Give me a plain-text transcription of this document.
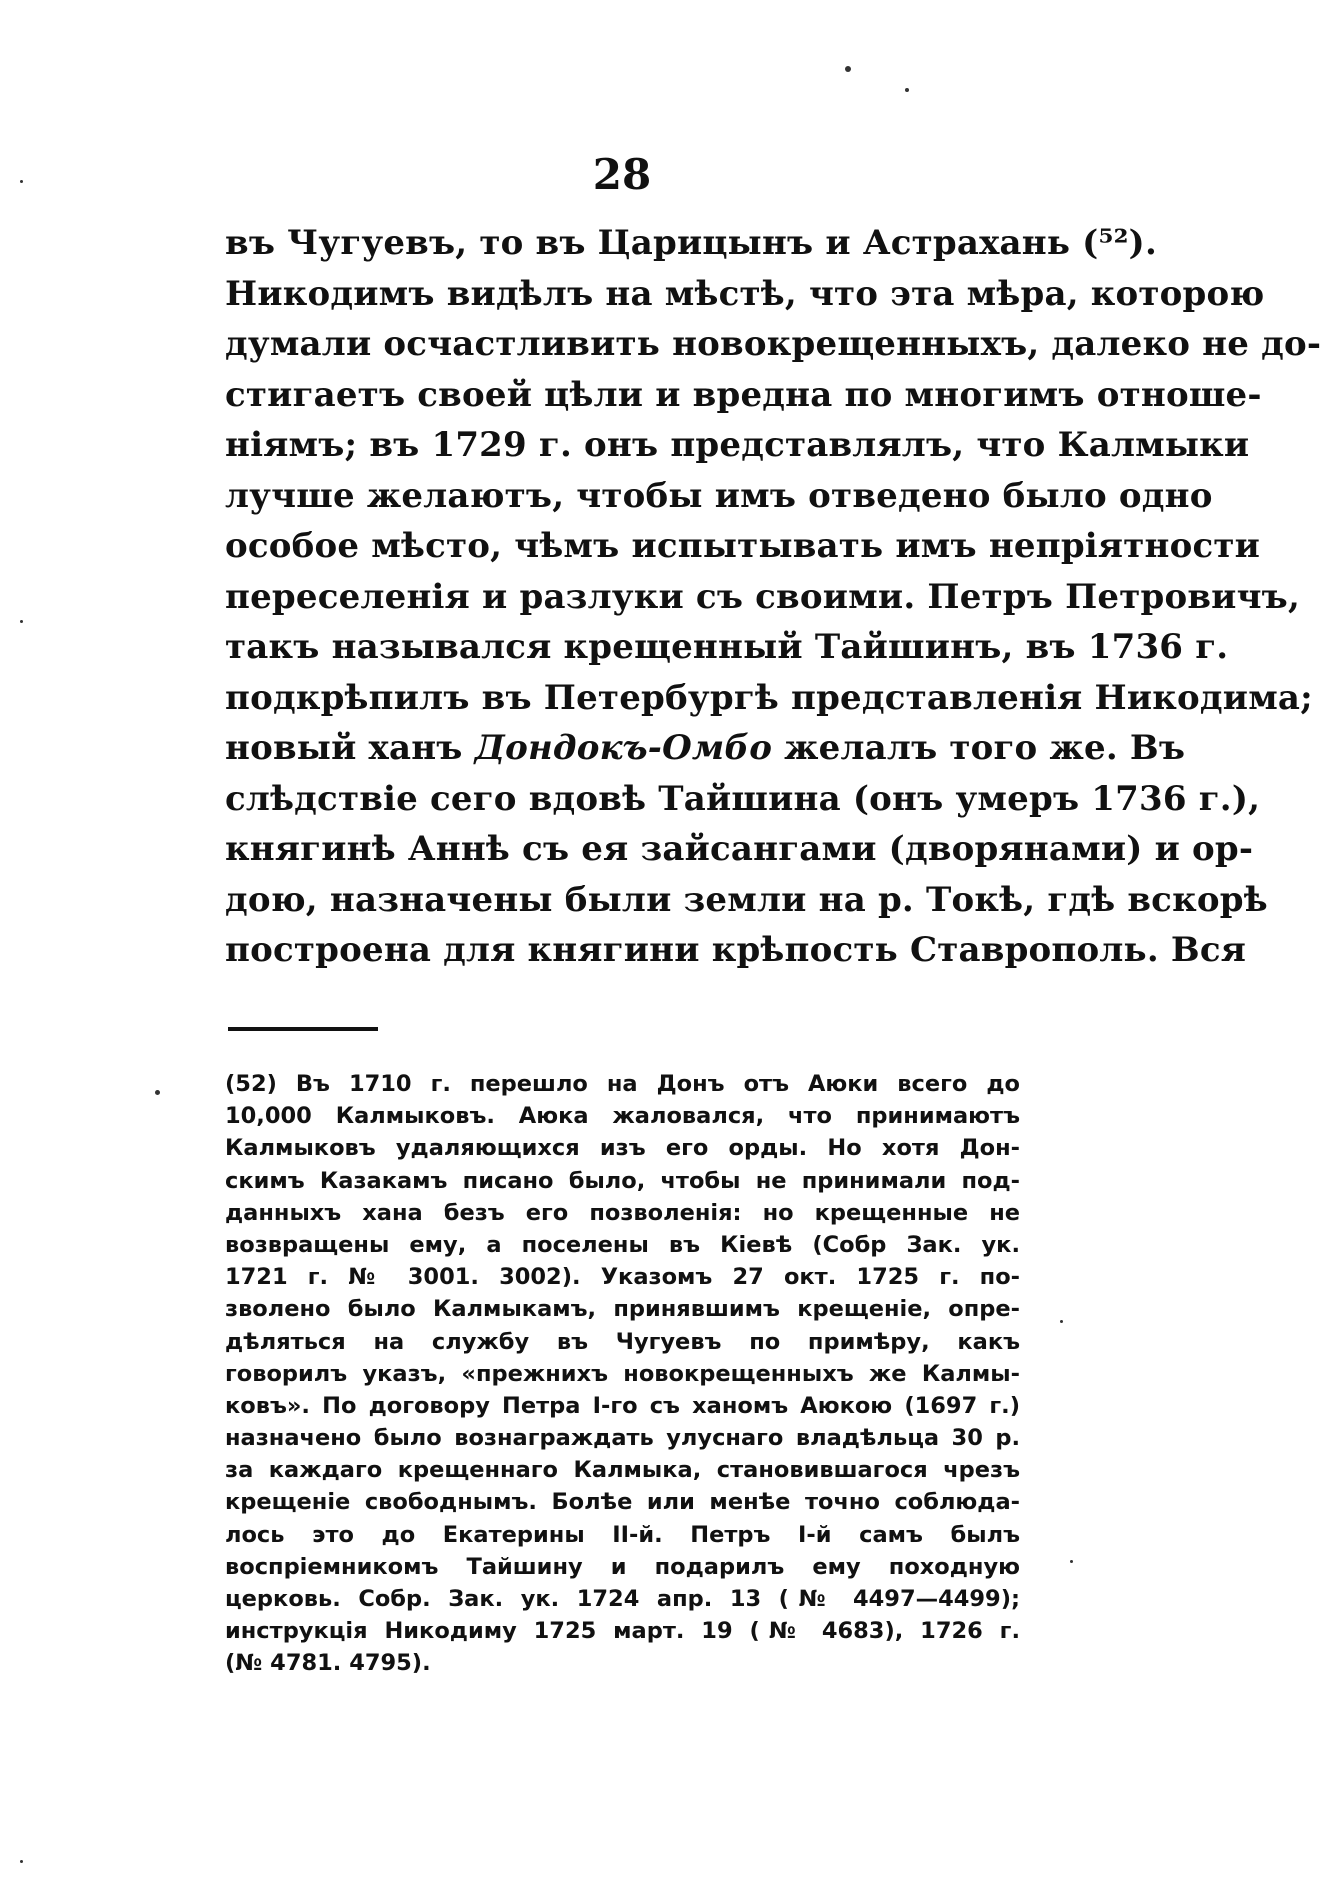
28
въ Чугуевъ, то въ Царицынъ и Астрахань (⁵²).
Никодимъ видѣлъ на мѣстѣ, что эта мѣра, которою
думали осчастливить новокрещенныхъ, далеко не до-
стигаетъ своей цѣли и вредна по многимъ отноше-
ніямъ; въ 1729 г. онъ представлялъ, что Калмыки
лучше желаютъ, чтобы имъ отведено было одно
особое мѣсто, чѣмъ испытывать имъ непріятности
переселенія и разлуки съ своими. Петръ Петровичъ,
такъ назывался крещенный Тайшинъ, въ 1736 г.
подкрѣпилъ въ Петербургѣ представленія Никодима;
новый ханъ Дондокъ-Омбо желалъ того же. Въ
слѣдствіе сего вдовѣ Тайшина (онъ умеръ 1736 г.),
княгинѣ Аннѣ съ ея зайсангами (дворянами) и ор-
дою, назначены были земли на р. Токѣ, гдѣ вскорѣ
построена для княгини крѣпость Ставрополь. Вся
(52) Въ 1710 г. перешло на Донъ отъ Аюки всего до
10,000 Калмыковъ. Аюка жаловался, что принимаютъ
Калмыковъ удаляющихся изъ его орды. Но хотя Дон-
скимъ Казакамъ писано было, чтобы не принимали под-
данныхъ хана безъ его позволенія: но крещенные не
возвращены ему, а поселены въ Кіевѣ (Собр Зак. ук.
1721 г. № 3001. 3002). Указомъ 27 окт. 1725 г. по-
зволено было Калмыкамъ, принявшимъ крещеніе, опре-
дѣляться на службу въ Чугуевъ по примѣру, какъ
говорилъ указъ, «прежнихъ новокрещенныхъ же Калмы-
ковъ». По договору Петра I-го съ ханомъ Аюкою (1697 г.)
назначено было вознаграждать улуснаго владѣльца 30 р.
за каждаго крещеннаго Калмыка, становившагося чрезъ
крещеніе свободнымъ. Болѣе или менѣе точно соблюда-
лось это до Екатерины II-й. Петръ I-й самъ былъ
воспріемникомъ Тайшину и подарилъ ему походную
церковь. Собр. Зак. ук. 1724 апр. 13 (№ 4497—4499);
инструкція Никодиму 1725 март. 19 (№ 4683), 1726 г.
(№ 4781. 4795).
